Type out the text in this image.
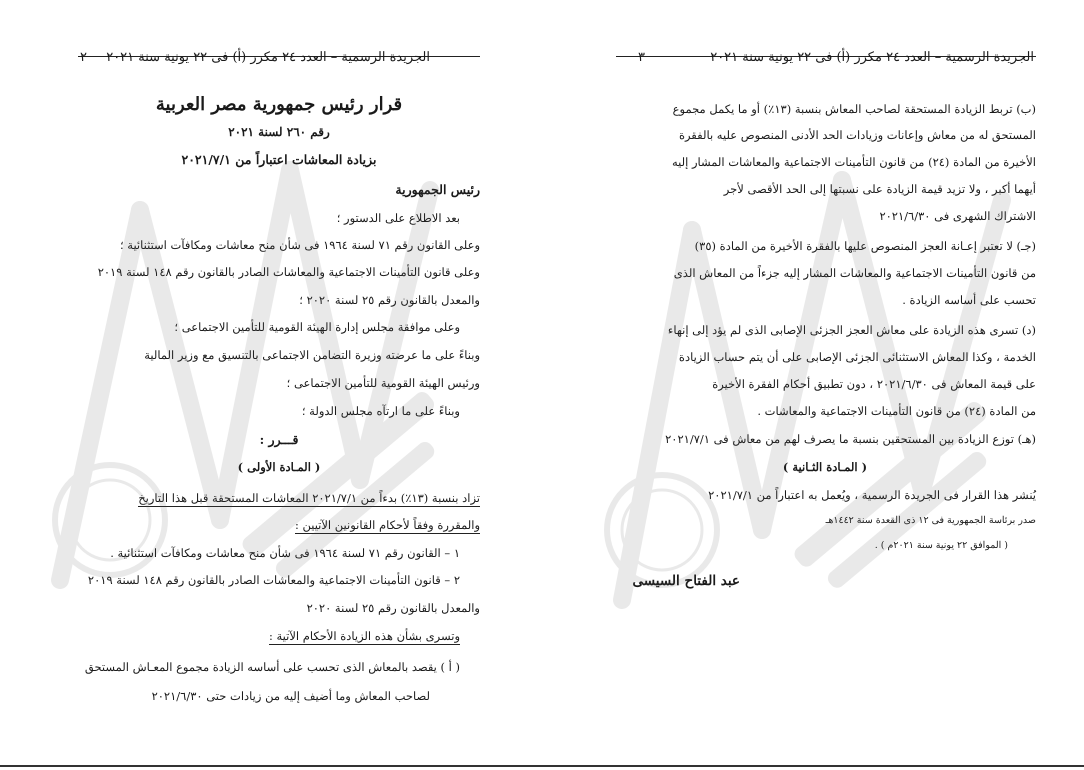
٢ الجريدة الرسمية – العدد ٢٤ مكرر (أ) فى ٢٢ يونية سنة ٢٠٢١
قرار رئيس جمهورية مصر العربية
رقم ٢٦٠ لسنة ٢٠٢١
بزيادة المعاشات اعتباراً من ٢٠٢١/٧/١
رئيس الجمهورية
بعد الاطلاع على الدستور ؛
وعلى القانون رقم ٧١ لسنة ١٩٦٤ فى شأن منح معاشات ومكافآت استثنائية ؛
وعلى قانون التأمينات الاجتماعية والمعاشات الصادر بالقانون رقم ١٤٨ لسنة ٢٠١٩
والمعدل بالقانون رقم ٢٥ لسنة ٢٠٢٠ ؛
وعلى موافقة مجلس إدارة الهيئة القومية للتأمين الاجتماعى ؛
وبناءً على ما عرضته وزيرة التضامن الاجتماعى بالتنسيق مع وزير المالية
ورئيس الهيئة القومية للتأمين الاجتماعى ؛
وبناءً على ما ارتآه مجلس الدولة ؛
قـــرر :
( المـادة الأولى )
تزاد بنسبة (١٣٪) بدءاً من ٢٠٢١/٧/١ المعاشات المستحقة قبل هذا التاريخ
والمقررة وفقاً لأحكام القانونين الآتيين :
١ – القانون رقم ٧١ لسنة ١٩٦٤ فى شأن منح معاشات ومكافآت استثنائية .
٢ – قانون التأمينات الاجتماعية والمعاشات الصادر بالقانون رقم ١٤٨ لسنة ٢٠١٩
والمعدل بالقانون رقم ٢٥ لسنة ٢٠٢٠
وتسرى بشأن هذه الزيادة الأحكام الآتية :
( أ ) يقصد بالمعاش الذى تحسب على أساسه الزيادة مجموع المعـاش المستحق
لصاحب المعاش وما أضيف إليه من زيادات حتى ٢٠٢١/٦/٣٠
٣	الجريدة الرسمية – العدد ٢٤ مكرر (أ) فى ٢٢ يونية سنة ٢٠٢١
(ب) تربط الزيادة المستحقة لصاحب المعاش بنسبة (١٣٪) أو ما يكمل مجموع
المستحق له من معاش وإعانات وزيادات الحد الأدنى المنصوص عليه بالفقرة
الأخيرة من المادة (٢٤) من قانون التأمينات الاجتماعية والمعاشات المشار إليه
أيهما أكبر ، ولا تزيد قيمة الزيادة على نسبتها إلى الحد الأقصى لأجر
الاشتراك الشهرى فى ٢٠٢١/٦/٣٠
(جـ) لا تعتبر إعـانة العجز المنصوص عليها بالفقرة الأخيرة من المادة (٣٥)
من قانون التأمينات الاجتماعية والمعاشات المشار إليه جزءاً من المعاش الذى
تحسب على أساسه الزيادة .
(د) تسرى هذه الزيادة على معاش العجز الجزئى الإصابى الذى لم يؤد إلى إنهاء
الخدمة ، وكذا المعاش الاستثنائى الجزئى الإصابى على أن يتم حساب الزيادة
على قيمة المعاش فى ٢٠٢١/٦/٣٠ ، دون تطبيق أحكام الفقرة الأخيرة
من المادة (٢٤) من قانون التأمينات الاجتماعية والمعاشات .
(هـ) توزع الزيادة بين المستحقين بنسبة ما يصرف لهم من معاش فى ٢٠٢١/٧/١
( المـادة الثـانية )
يُنشر هذا القرار فى الجريدة الرسمية ، ويُعمل به اعتباراً من ٢٠٢١/٧/١
صدر برئاسة الجمهورية فى ١٢ ذى القعدة سنة ١٤٤٢هـ
( الموافق ٢٢ يونية سنة ٢٠٢١م ) .
عبد الفتاح السيسى
